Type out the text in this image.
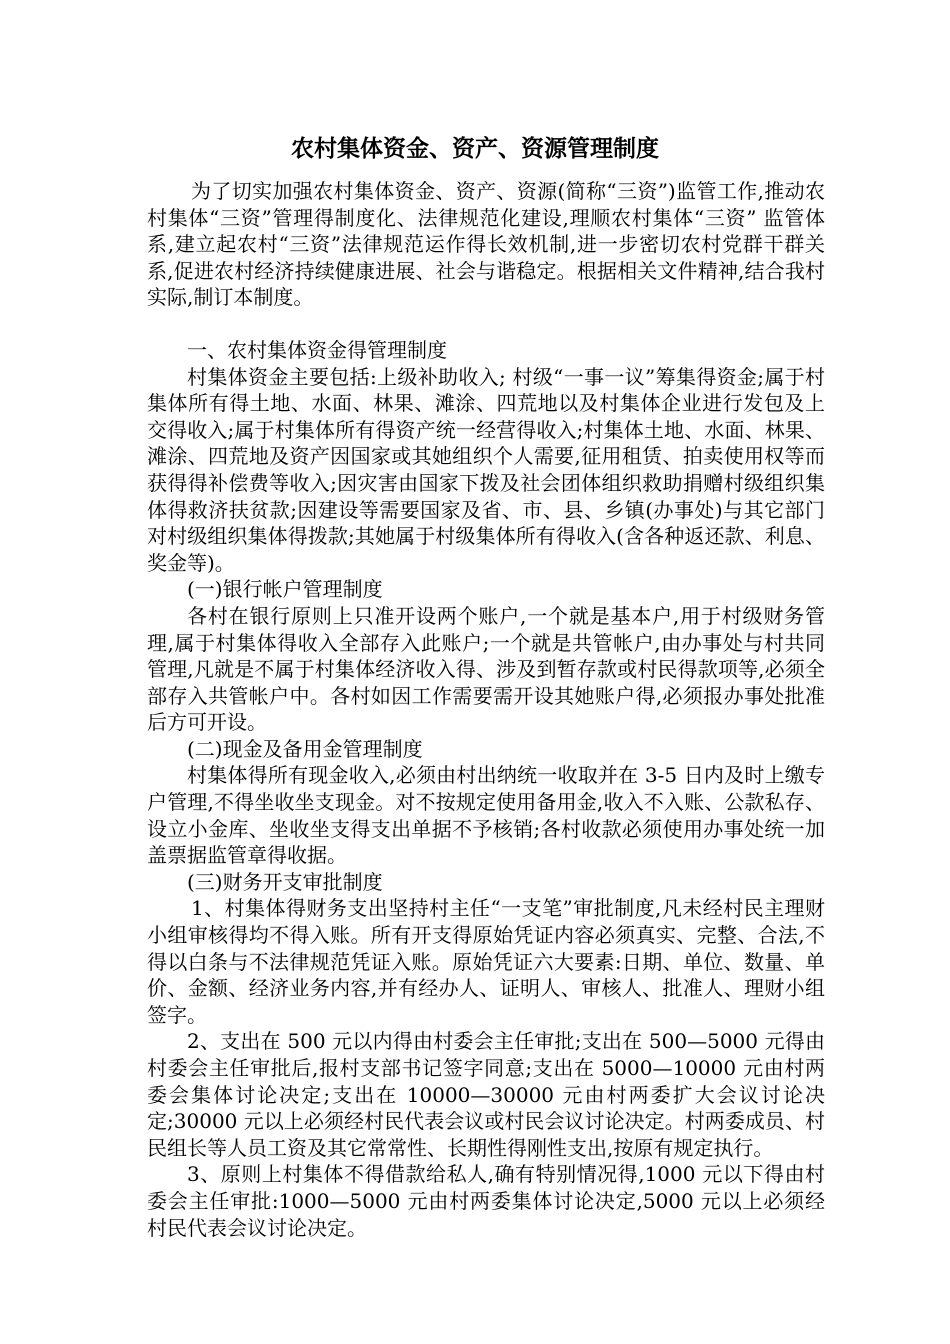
农村集体资金、资产、资源管理制度

为了切实加强农村集体资金、资产、资源(简称“三资”)监管工作,推动农村集体“三资”管理得制度化、法律规范化建设,理顺农村集体“三资” 监管体系,建立起农村“三资”法律规范运作得长效机制,进一步密切农村党群干群关系,促进农村经济持续健康进展、社会与谐稳定。根据相关文件精神,结合我村实际,制订本制度。

一、农村集体资金得管理制度

村集体资金主要包括:上级补助收入; 村级“一事一议”筹集得资金;属于村集体所有得土地、水面、林果、滩涂、四荒地以及村集体企业进行发包及上交得收入;属于村集体所有得资产统一经营得收入;村集体土地、水面、林果、滩涂、四荒地及资产因国家或其她组织个人需要,征用租赁、拍卖使用权等而获得得补偿费等收入;因灾害由国家下拨及社会团体组织救助捐赠村级组织集体得救济扶贫款;因建设等需要国家及省、市、县、乡镇(办事处)与其它部门对村级组织集体得拨款;其她属于村级集体所有得收入(含各种返还款、利息、奖金等)。

(一)银行帐户管理制度

各村在银行原则上只准开设两个账户,一个就是基本户,用于村级财务管理,属于村集体得收入全部存入此账户;一个就是共管帐户,由办事处与村共同管理,凡就是不属于村集体经济收入得、涉及到暂存款或村民得款项等,必须全部存入共管帐户中。各村如因工作需要需开设其她账户得,必须报办事处批准后方可开设。

(二)现金及备用金管理制度

村集体得所有现金收入,必须由村出纳统一收取并在 3-5 日内及时上缴专户管理,不得坐收坐支现金。对不按规定使用备用金,收入不入账、公款私存、设立小金库、坐收坐支得支出单据不予核销;各村收款必须使用办事处统一加盖票据监管章得收据。

(三)财务开支审批制度

1、村集体得财务支出坚持村主任“一支笔”审批制度,凡未经村民主理财小组审核得均不得入账。所有开支得原始凭证内容必须真实、完整、合法,不得以白条与不法律规范凭证入账。原始凭证六大要素:日期、单位、数量、单价、金额、经济业务内容,并有经办人、证明人、审核人、批准人、理财小组签字。

2、支出在 500 元以内得由村委会主任审批;支出在 500—5000 元得由村委会主任审批后,报村支部书记签字同意;支出在 5000—10000 元由村两委会集体讨论决定;支出在 10000—30000 元由村两委扩大会议讨论决定;30000 元以上必须经村民代表会议或村民会议讨论决定。村两委成员、村民组长等人员工资及其它常常性、长期性得刚性支出,按原有规定执行。

3、原则上村集体不得借款给私人,确有特别情况得,1000 元以下得由村委会主任审批:1000—5000 元由村两委集体讨论决定,5000 元以上必须经村民代表会议讨论决定。
